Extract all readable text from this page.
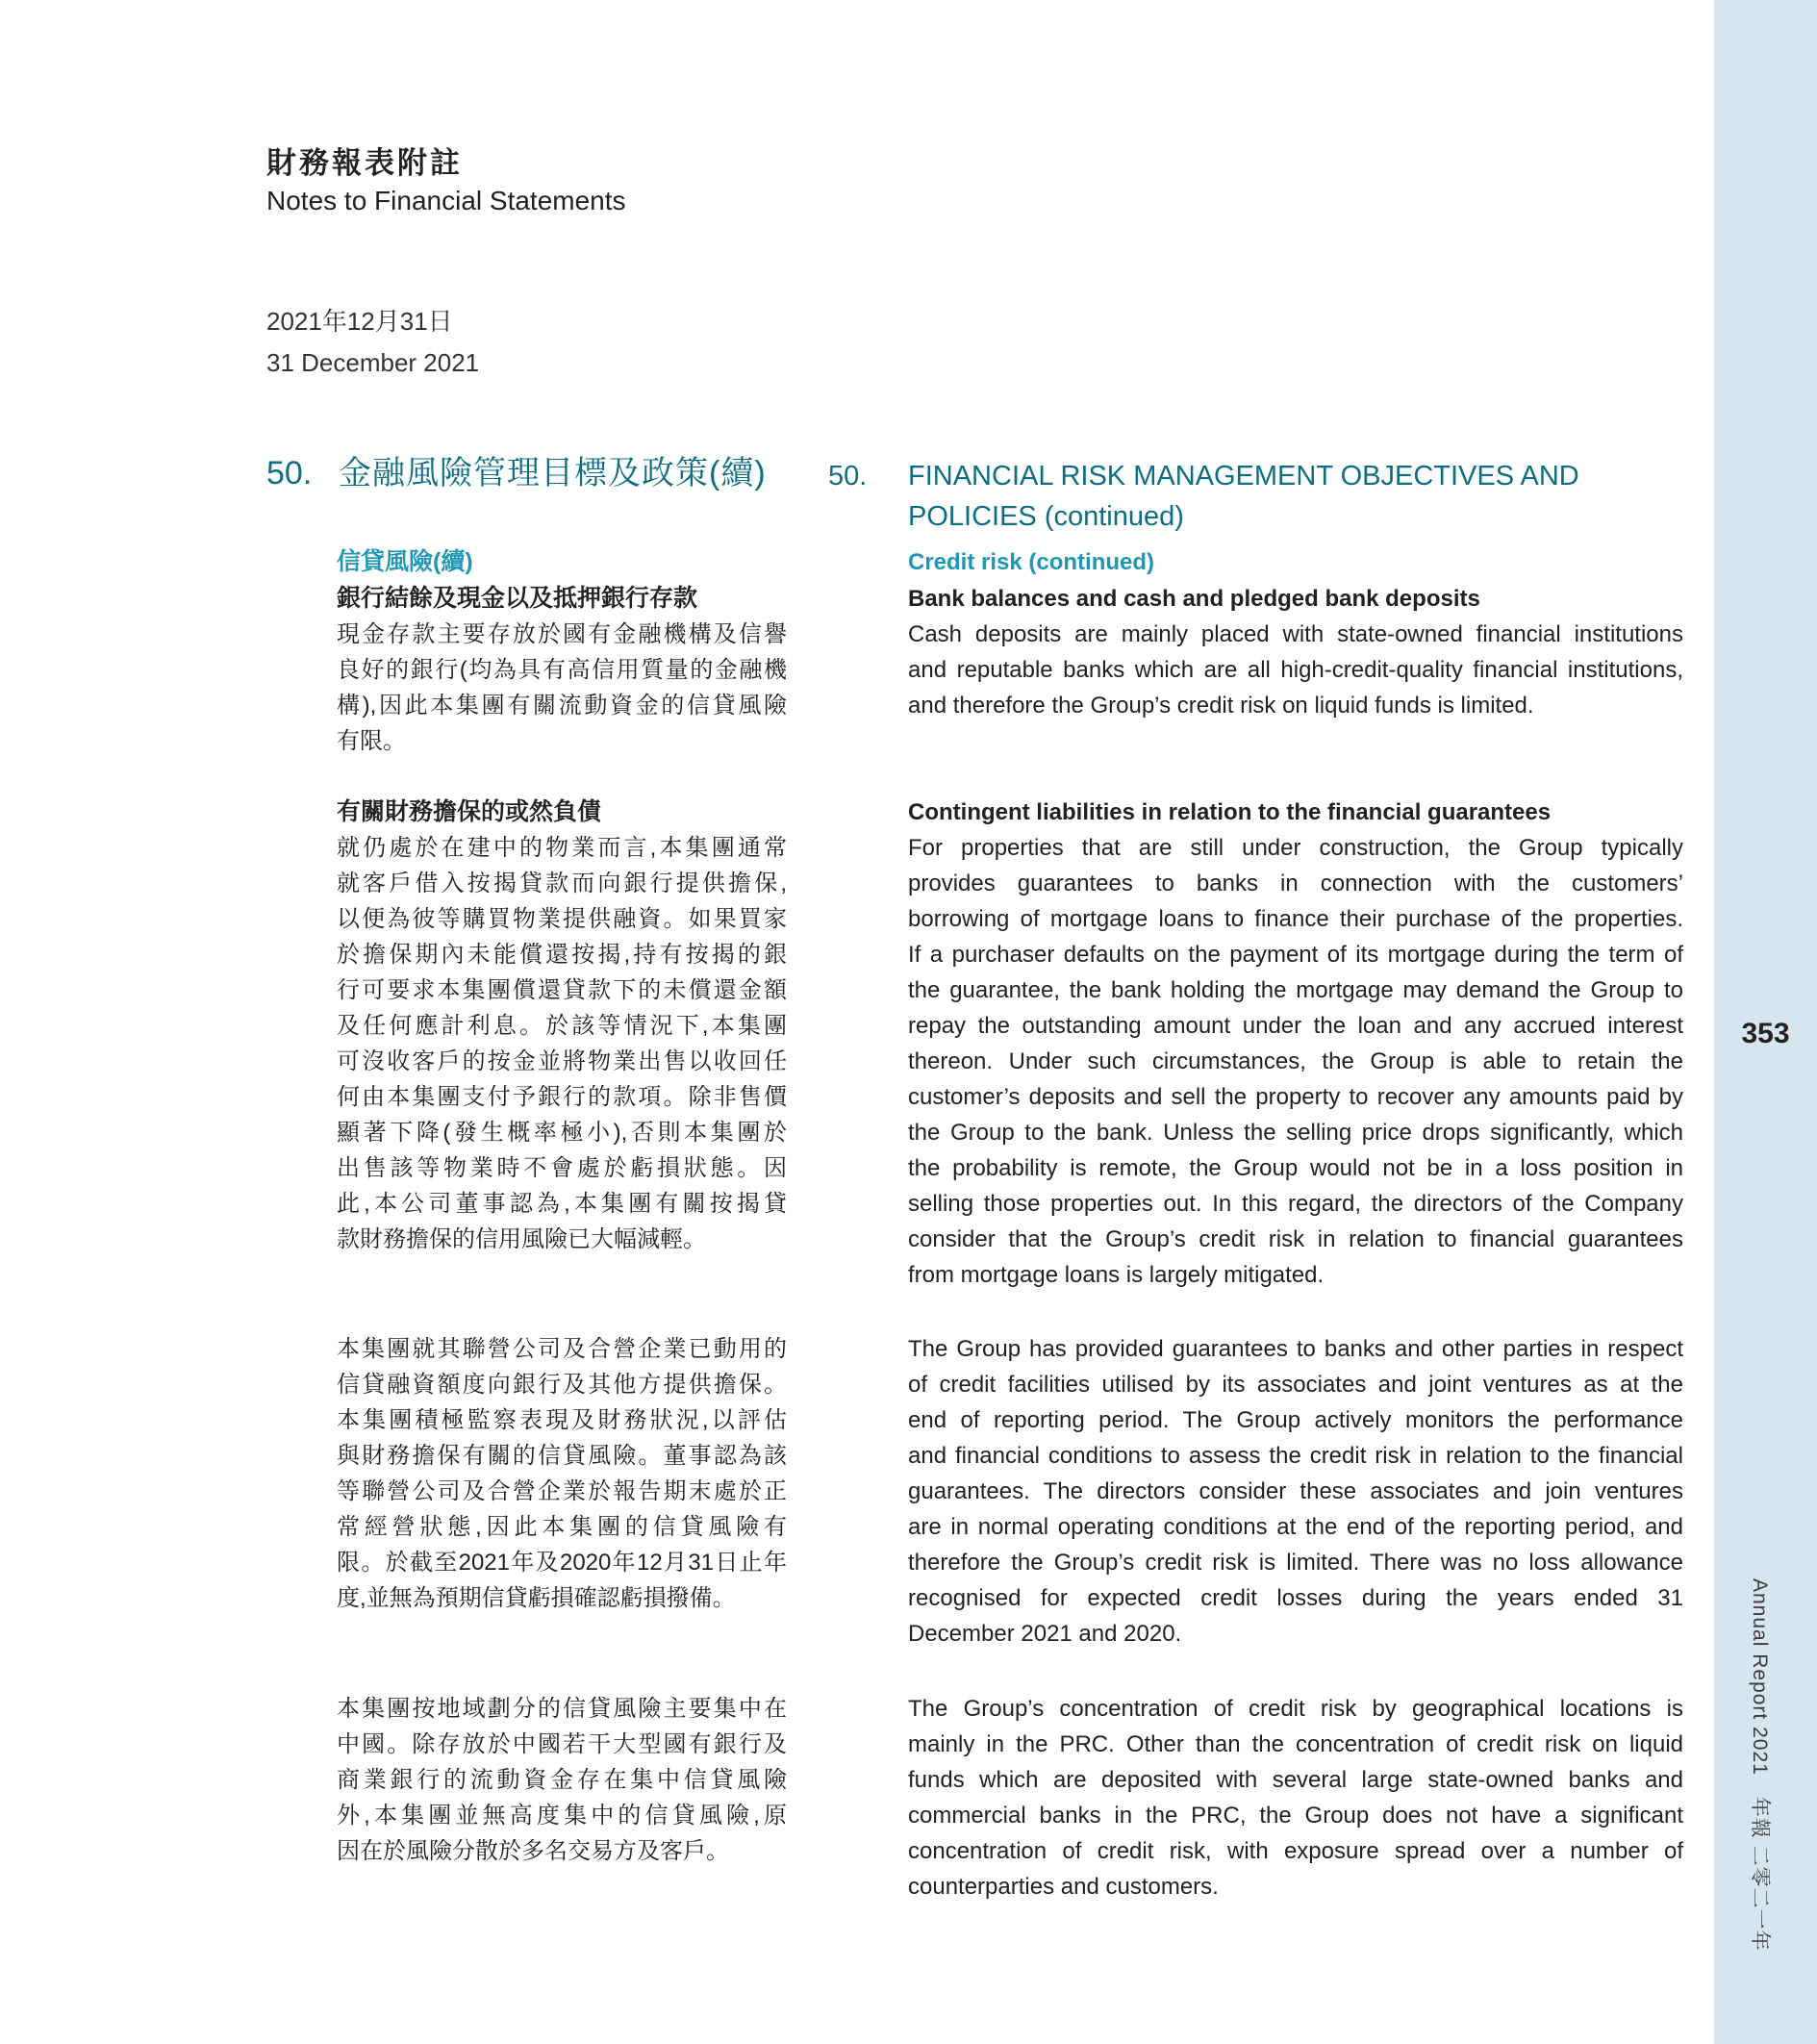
353
Annual Report 2021　年報 二零二一年
財務報表附註
Notes to Financial Statements
2021年12月31日
31 December 2021
50. 金融風險管理目標及政策(續) 50. FINANCIAL RISK MANAGEMENT OBJECTIVES AND
POLICIES (continued)
信貸風險(續)
銀行結餘及現金以及抵押銀行存款
現金存款主要存放於國有金融機構及信譽
良好的銀行(均為具有高信用質量的金融機
構),因此本集團有關流動資金的信貸風險
有限。
有關財務擔保的或然負債
就仍處於在建中的物業而言,本集團通常
就客戶借入按揭貸款而向銀行提供擔保,
以便為彼等購買物業提供融資。如果買家
於擔保期內未能償還按揭,持有按揭的銀
行可要求本集團償還貸款下的未償還金額
及任何應計利息。於該等情況下,本集團
可沒收客戶的按金並將物業出售以收回任
何由本集團支付予銀行的款項。除非售價
顯著下降(發生概率極小),否則本集團於
出售該等物業時不會處於虧損狀態。因
此,本公司董事認為,本集團有關按揭貸
款財務擔保的信用風險已大幅減輕。
本集團就其聯營公司及合營企業已動用的
信貸融資額度向銀行及其他方提供擔保。
本集團積極監察表現及財務狀況,以評估
與財務擔保有關的信貸風險。董事認為該
等聯營公司及合營企業於報告期末處於正
常經營狀態,因此本集團的信貸風險有
限。於截至2021年及2020年12月31日止年
度,並無為預期信貸虧損確認虧損撥備。
本集團按地域劃分的信貸風險主要集中在
中國。除存放於中國若干大型國有銀行及
商業銀行的流動資金存在集中信貸風險
外,本集團並無高度集中的信貸風險,原
因在於風險分散於多名交易方及客戶。
Credit risk (continued)
Bank balances and cash and pledged bank deposits
Cash deposits are mainly placed with state-owned financial institutions
and reputable banks which are all high-credit-quality financial institutions,
and therefore the Group’s credit risk on liquid funds is limited.
Contingent liabilities in relation to the financial guarantees
For properties that are still under construction, the Group typically
provides guarantees to banks in connection with the customers’
borrowing of mortgage loans to finance their purchase of the properties.
If a purchaser defaults on the payment of its mortgage during the term of
the guarantee, the bank holding the mortgage may demand the Group to
repay the outstanding amount under the loan and any accrued interest
thereon. Under such circumstances, the Group is able to retain the
customer’s deposits and sell the property to recover any amounts paid by
the Group to the bank. Unless the selling price drops significantly, which
the probability is remote, the Group would not be in a loss position in
selling those properties out. In this regard, the directors of the Company
consider that the Group’s credit risk in relation to financial guarantees
from mortgage loans is largely mitigated.
The Group has provided guarantees to banks and other parties in respect
of credit facilities utilised by its associates and joint ventures as at the
end of reporting period. The Group actively monitors the performance
and financial conditions to assess the credit risk in relation to the financial
guarantees. The directors consider these associates and join ventures
are in normal operating conditions at the end of the reporting period, and
therefore the Group’s credit risk is limited. There was no loss allowance
recognised for expected credit losses during the years ended 31
December 2021 and 2020.
The Group’s concentration of credit risk by geographical locations is
mainly in the PRC. Other than the concentration of credit risk on liquid
funds which are deposited with several large state-owned banks and
commercial banks in the PRC, the Group does not have a significant
concentration of credit risk, with exposure spread over a number of
counterparties and customers.
